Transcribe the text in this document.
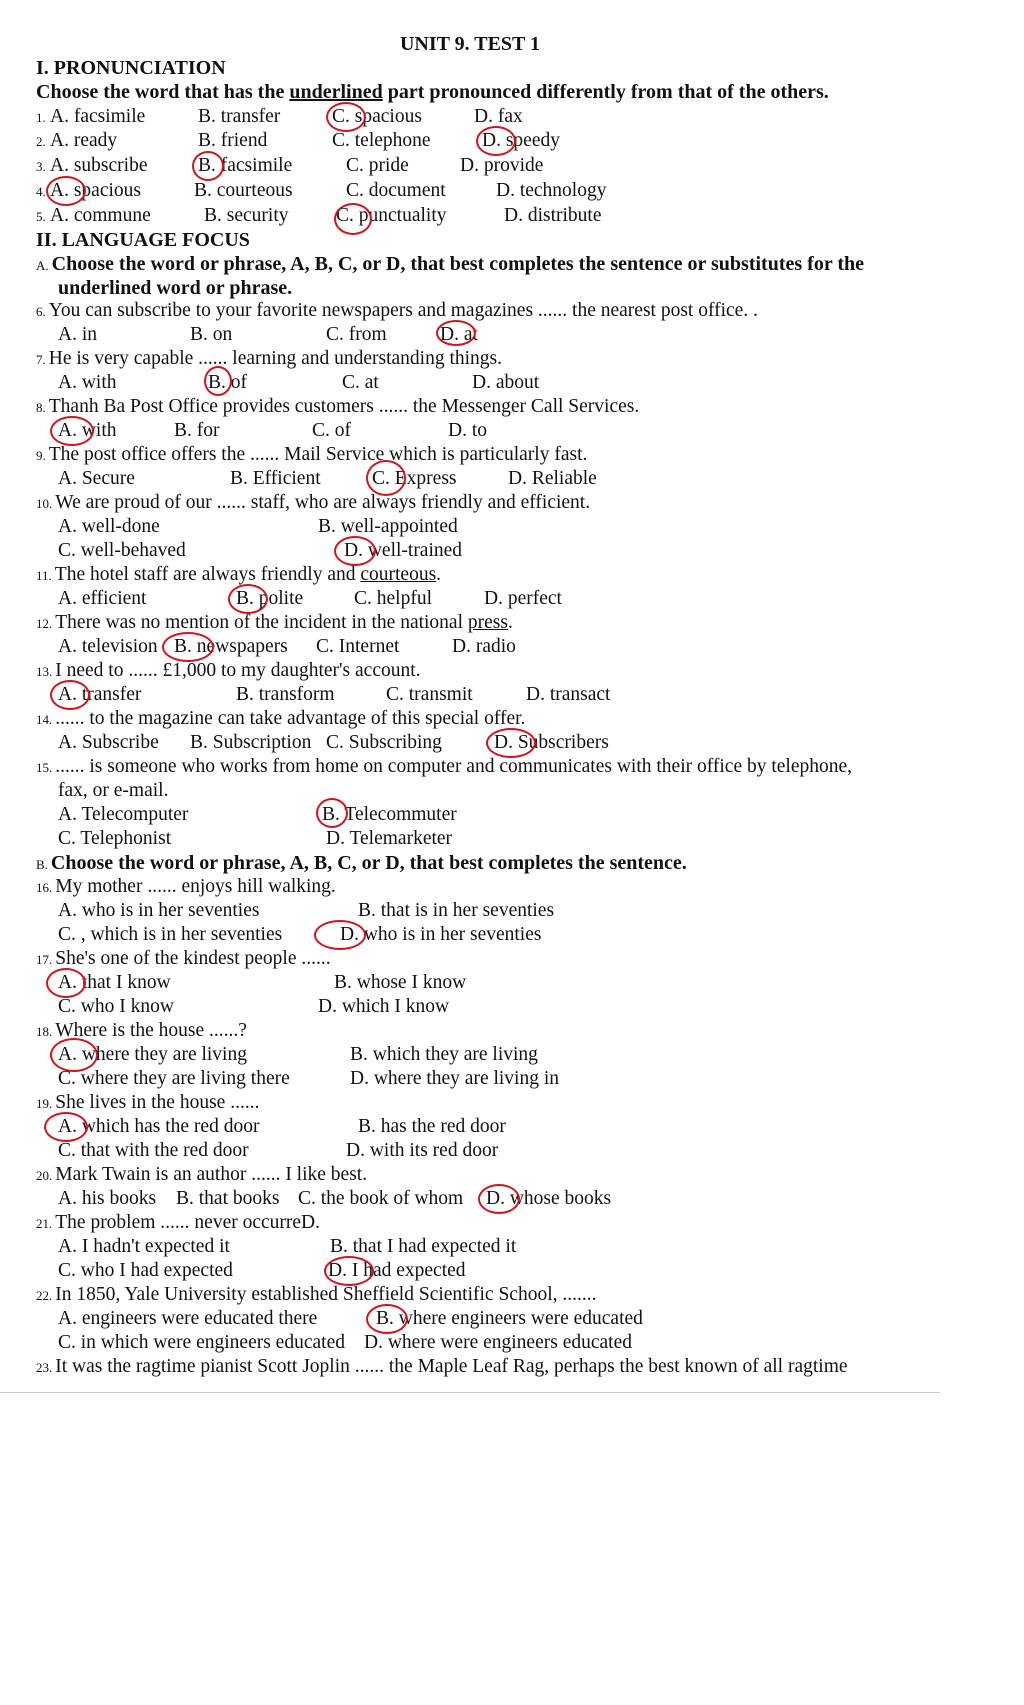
UNIT 9. TEST 1
I. PRONUNCIATION
Choose the word that has the underlined part pronounced differently from that of the others.
1. A. facsimile	B. transfer	C. spacious	D. fax
2. A. ready	B. friend	C. telephone	D. speedy
3. A. subscribe	B. facsimile	C. pride	D. provide
4. A. spacious	B. courteous	C. document	D. technology
5. A. commune	B. security C. punctuality	D. distribute
II. LANGUAGE FOCUS
A. Choose the word or phrase, A, B, C, or D, that best completes the sentence or substitutes for the
underlined word or phrase.
6. You can subscribe to your favorite newspapers and magazines ...... the nearest post office. .
A. in	B. on	C. from	D. at
7. He is very capable ...... learning and understanding things.
A. with	B. of	C. at	D. about
8. Thanh Ba Post Office provides customers ...... the Messenger Call Services.
A. with	B. for	C. of	D. to
9. The post office offers the ...... Mail Service which is particularly fast.
A. Secure	B. Efficient	C. Express	D. Reliable
10. We are proud of our ...... staff, who are always friendly and efficient.
A. well-done	B. well-appointed
C. well-behaved	D. well-trained
11. The hotel staff are always friendly and courteous.
A. efficient	B. polite	C. helpful	D. perfect
12. There was no mention of the incident in the national press.
A. television B. newspapers C. Internet	D. radio
13. I need to ...... £1,000 to my daughter's account.
A. transfer	B. transform	C. transmit	D. transact
14. ...... to the magazine can take advantage of this special offer.
A. Subscribe B. Subscription C. Subscribing	D. Subscribers
15. ...... is someone who works from home on computer and communicates with their office by telephone,
fax, or e-mail.
A. Telecomputer	B. Telecommuter
C. Telephonist	D. Telemarketer
B. Choose the word or phrase, A, B, C, or D, that best completes the sentence.
16. My mother ...... enjoys hill walking.
A. who is in her seventies	B. that is in her seventies
C. , which is in her seventies	D. who is in her seventies
17. She's one of the kindest people ......
A. that I know	B. whose I know
C. who I know	D. which I know
18. Where is the house ......?
A. where they are living	B. which they are living
C. where they are living there	D. where they are living in
19. She lives in the house ......
A. which has the red door	B. has the red door
C. that with the red door	D. with its red door
20. Mark Twain is an author ...... I like best.
A. his books B. that books C. the book of whom D. whose books
21. The problem ...... never occurreD.
A. I hadn't expected it	B. that I had expected it
C. who I had expected	D. I had expected
22. In 1850, Yale University established Sheffield Scientific School, .......
A. engineers were educated there	B. where engineers were educated
C. in which were engineers educated D. where were engineers educated
23. It was the ragtime pianist Scott Joplin ...... the Maple Leaf Rag, perhaps the best known of all ragtime
